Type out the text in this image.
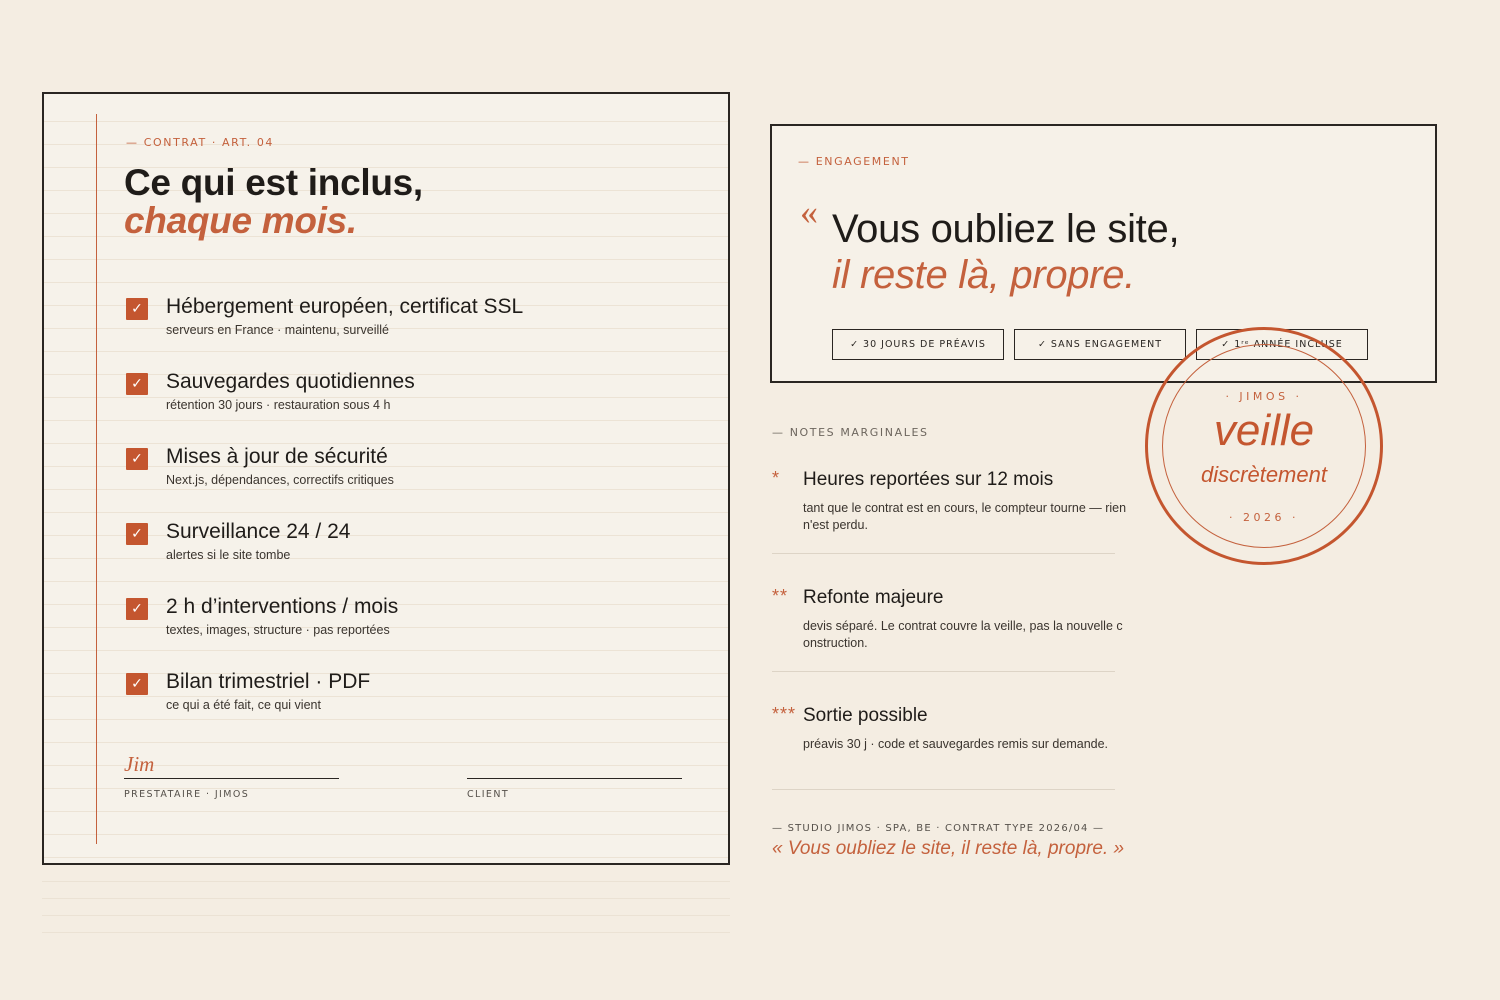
— CONTRAT · ART. 04
Ce qui est inclus,
chaque mois.
✓ Hébergement européen, certificat SSL
serveurs en France · maintenu, surveillé
✓ Sauvegardes quotidiennes
rétention 30 jours · restauration sous 4 h
✓ Mises à jour de sécurité
Next.js, dépendances, correctifs critiques
✓ Surveillance 24 / 24
alertes si le site tombe
✓ 2 h d’interventions / mois
textes, images, structure · pas reportées
✓ Bilan trimestriel · PDF
ce qui a été fait, ce qui vient
Jim
PRESTATAIRE · JIMOS	CLIENT
— ENGAGEMENT
« Vous oubliez le site,
il reste là, propre.
✓ 30 JOURS DE PRÉAVIS	✓ SANS ENGAGEMENT	✓ 1ʳᵉ ANNÉE INCLUSE
— NOTES MARGINALES
* Heures reportées sur 12 mois
tant que le contrat est en cours, le compteur tourne — rien n'est perdu.
** Refonte majeure
devis séparé. Le contrat couvre la veille, pas la nouvelle c onstruction.
*** Sortie possible
préavis 30 j · code et sauvegardes remis sur demande.
— STUDIO JIMOS · SPA, BE · CONTRAT TYPE 2026/04 —
« Vous oubliez le site, il reste là, propre. »
· JIMOS ·
veille
discrètement
· 2026 ·
